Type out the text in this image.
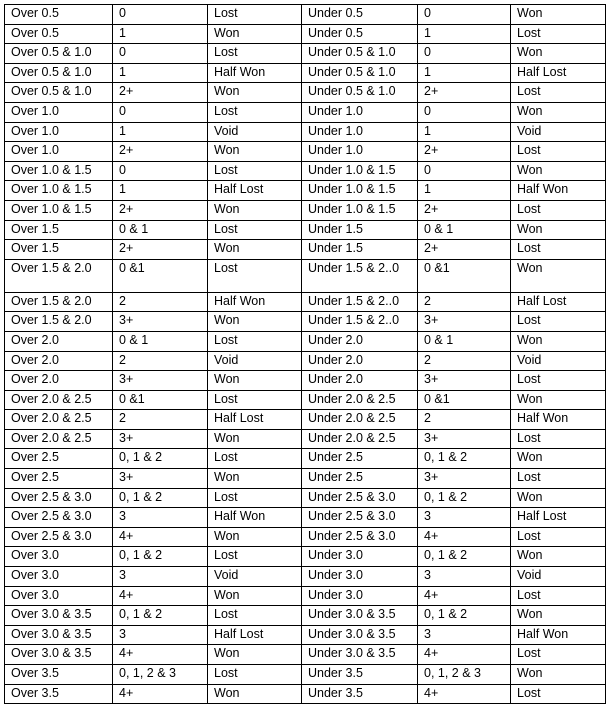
Over 0.5	0	Lost	Under 0.5	0	Won
Over 0.5	1	Won	Under 0.5	1	Lost
Over 0.5 & 1.0	0	Lost	Under 0.5 & 1.0	0	Won
Over 0.5 & 1.0	1	Half Won	Under 0.5 & 1.0	1	Half Lost
Over 0.5 & 1.0	2+	Won	Under 0.5 & 1.0	2+	Lost
Over 1.0	0	Lost	Under 1.0	0	Won
Over 1.0	1	Void	Under 1.0	1	Void
Over 1.0	2+	Won	Under 1.0	2+	Lost
Over 1.0 & 1.5	0	Lost	Under 1.0 & 1.5	0	Won
Over 1.0 & 1.5	1	Half Lost	Under 1.0 & 1.5	1	Half Won
Over 1.0 & 1.5	2+	Won	Under 1.0 & 1.5	2+	Lost
Over 1.5	0 & 1	Lost	Under 1.5	0 & 1	Won
Over 1.5	2+	Won	Under 1.5	2+	Lost
Over 1.5 & 2.0	0 &1	Lost	Under 1.5 & 2..0	0 &1	Won
Over 1.5 & 2.0	2	Half Won	Under 1.5 & 2..0	2	Half Lost
Over 1.5 & 2.0	3+	Won	Under 1.5 & 2..0	3+	Lost
Over 2.0	0 & 1	Lost	Under 2.0	0 & 1	Won
Over 2.0	2	Void	Under 2.0	2	Void
Over 2.0	3+	Won	Under 2.0	3+	Lost
Over 2.0 & 2.5	0 &1	Lost	Under 2.0 & 2.5	0 &1	Won
Over 2.0 & 2.5	2	Half Lost	Under 2.0 & 2.5	2	Half Won
Over 2.0 & 2.5	3+	Won	Under 2.0 & 2.5	3+	Lost
Over 2.5	0, 1 & 2	Lost	Under 2.5	0, 1 & 2	Won
Over 2.5	3+	Won	Under 2.5	3+	Lost
Over 2.5 & 3.0	0, 1 & 2	Lost	Under 2.5 & 3.0	0, 1 & 2	Won
Over 2.5 & 3.0	3	Half Won	Under 2.5 & 3.0	3	Half Lost
Over 2.5 & 3.0	4+	Won	Under 2.5 & 3.0	4+	Lost
Over 3.0	0, 1 & 2	Lost	Under 3.0	0, 1 & 2	Won
Over 3.0	3	Void	Under 3.0	3	Void
Over 3.0	4+	Won	Under 3.0	4+	Lost
Over 3.0 & 3.5	0, 1 & 2	Lost	Under 3.0 & 3.5	0, 1 & 2	Won
Over 3.0 & 3.5	3	Half Lost	Under 3.0 & 3.5	3	Half Won
Over 3.0 & 3.5	4+	Won	Under 3.0 & 3.5	4+	Lost
Over 3.5	0, 1, 2 & 3	Lost	Under 3.5	0, 1, 2 & 3	Won
Over 3.5	4+	Won	Under 3.5	4+	Lost
